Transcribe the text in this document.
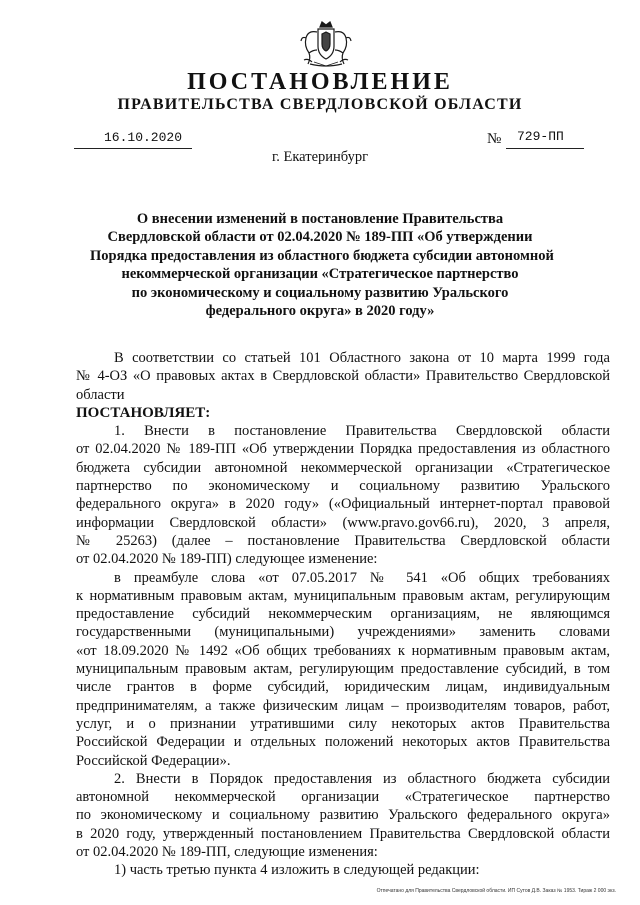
ПОСТАНОВЛЕНИЕ
ПРАВИТЕЛЬСТВА СВЕРДЛОВСКОЙ ОБЛАСТИ
16.10.2020	№ 729-ПП
г. Екатеринбург
О внесении изменений в постановление Правительства
Свердловской области от 02.04.2020 № 189-ПП «Об утверждении
Порядка предоставления из областного бюджета субсидии автономной
некоммерческой организации «Стратегическое партнерство
по экономическому и социальному развитию Уральского
федерального округа» в 2020 году»
В соответствии со статьей 101 Областного закона от 10 марта 1999 года
№ 4-ОЗ «О правовых актах в Свердловской области» Правительство Свердловской
области
ПОСТАНОВЛЯЕТ:
1. Внести в постановление Правительства Свердловской области
от 02.04.2020 № 189-ПП «Об утверждении Порядка предоставления из областного
бюджета субсидии автономной некоммерческой организации «Стратегическое
партнерство по экономическому и социальному развитию Уральского
федерального округа» в 2020 году» («Официальный интернет-портал правовой
информации Свердловской области» (www.pravo.gov66.ru), 2020, 3 апреля,
№ 25263) (далее – постановление Правительства Свердловской области
от 02.04.2020 № 189-ПП) следующее изменение:
в преамбуле слова «от 07.05.2017 № 541 «Об общих требованиях
к нормативным правовым актам, муниципальным правовым актам, регулирующим
предоставление субсидий некоммерческим организациям, не являющимся
государственными (муниципальными) учреждениями» заменить словами
«от 18.09.2020 № 1492 «Об общих требованиях к нормативным правовым актам,
муниципальным правовым актам, регулирующим предоставление субсидий, в том
числе грантов в форме субсидий, юридическим лицам, индивидуальным
предпринимателям, а также физическим лицам – производителям товаров, работ,
услуг, и о признании утратившими силу некоторых актов Правительства
Российской Федерации и отдельных положений некоторых актов Правительства
Российской Федерации».
2. Внести в Порядок предоставления из областного бюджета субсидии
автономной некоммерческой организации «Стратегическое партнерство
по экономическому и социальному развитию Уральского федерального округа»
в 2020 году, утвержденный постановлением Правительства Свердловской области
от 02.04.2020 № 189-ПП, следующие изменения:
1) часть третью пункта 4 изложить в следующей редакции:
Отпечатано для Правительства Свердловской области. ИП Сутов Д.В. Заказ № 1953. Тираж 2 000 экз.
